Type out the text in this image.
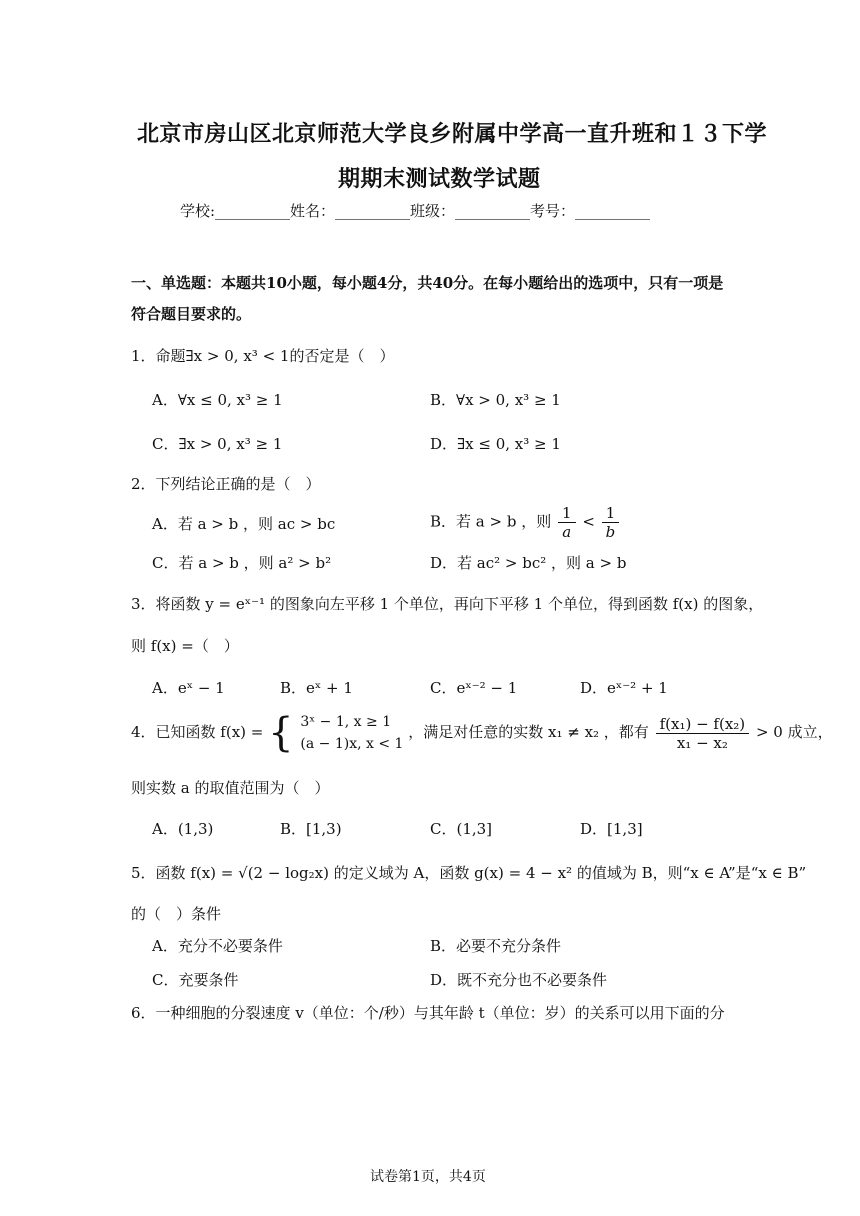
北京市房山区北京师范大学良乡附属中学高一直升班和１３下学
期期末测试数学试题
学校:__________姓名：__________班级：__________考号：__________
一、单选题：本题共10小题，每小题4分，共40分。在每小题给出的选项中，只有一项是
符合题目要求的。
1．命题∃x > 0, x³ < 1的否定是（　）
A．∀x ≤ 0, x³ ≥ 1	B．∀x > 0, x³ ≥ 1
C．∃x > 0, x³ ≥ 1	D．∃x ≤ 0, x³ ≥ 1
2．下列结论正确的是（　）
A．若 a > b ，则 ac > bc	B．若 a > b ，则 $\frac{1}{a} < \frac{1}{b}$
C．若 a > b ，则 a² > b²	D．若 ac² > bc² ，则 a > b
3．将函数 y = eˣ⁻¹ 的图象向左平移 1 个单位，再向下平移 1 个单位，得到函数 f(x) 的图象，
则 f(x) =（　）
A．eˣ − 1	B．eˣ + 1	C．eˣ⁻² − 1	D．eˣ⁻² + 1
4．已知函数 f(x) = { 3ˣ − 1, x ≥ 1
(a − 1)x, x < 1
，满足对任意的实数 x₁ ≠ x₂ ，都有 $\frac{\text{f(x₁) − f(x₂)}}{\text{x₁ − x₂}} > 0$ 成立，
则实数 a 的取值范围为（　）
A．(1,3)	B．[1,3)	C．(1,3]	D．[1,3]
5．函数 f(x) = √(2 − log₂x) 的定义域为 A，函数 g(x) = 4 − x² 的值域为 B，则“x ∈ A”是“x ∈ B”
的（　）条件
A．充分不必要条件	B．必要不充分条件
C．充要条件	D．既不充分也不必要条件
6．一种细胞的分裂速度 v（单位：个/秒）与其年龄 t（单位：岁）的关系可以用下面的分
试卷第1页，共4页
